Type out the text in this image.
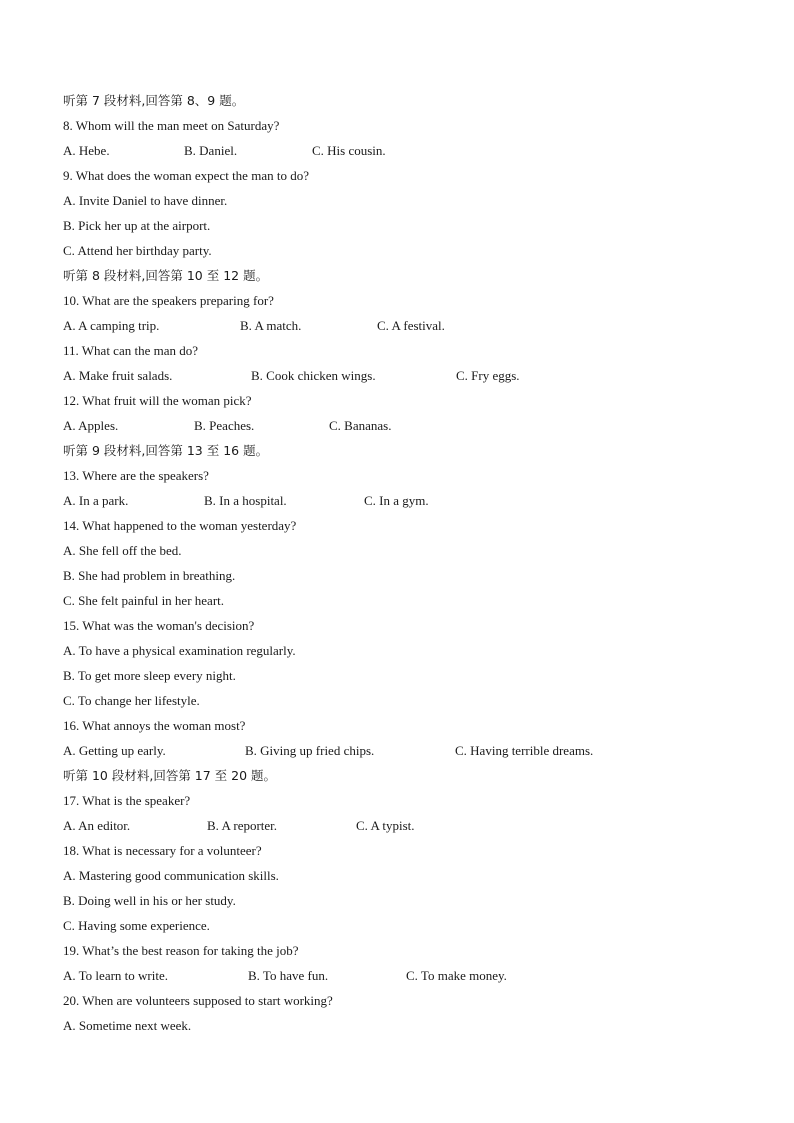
听第 7 段材料,回答第 8、9 题。
8. Whom will the man meet on Saturday?
A. Hebe.	B. Daniel.	C. His cousin.
9. What does the woman expect the man to do?
A. Invite Daniel to have dinner.
B. Pick her up at the airport.
C. Attend her birthday party.
听第 8 段材料,回答第 10 至 12 题。
10. What are the speakers preparing for?
A. A camping trip.	B. A match.	C. A festival.
11. What can the man do?
A. Make fruit salads.	B. Cook chicken wings.	C. Fry eggs.
12. What fruit will the woman pick?
A. Apples.	B. Peaches.	C. Bananas.
听第 9 段材料,回答第 13 至 16 题。
13. Where are the speakers?
A. In a park.	B. In a hospital.	C. In a gym.
14. What happened to the woman yesterday?
A. She fell off the bed.
B. She had problem in breathing.
C. She felt painful in her heart.
15. What was the woman's decision?
A. To have a physical examination regularly.
B. To get more sleep every night.
C. To change her lifestyle.
16. What annoys the woman most?
A. Getting up early.	B. Giving up fried chips.	C. Having terrible dreams.
听第 10 段材料,回答第 17 至 20 题。
17. What is the speaker?
A. An editor.	B. A reporter.	C. A typist.
18. What is necessary for a volunteer?
A. Mastering good communication skills.
B. Doing well in his or her study.
C. Having some experience.
19. What’s the best reason for taking the job?
A. To learn to write.	B. To have fun.	C. To make money.
20. When are volunteers supposed to start working?
A. Sometime next week.
